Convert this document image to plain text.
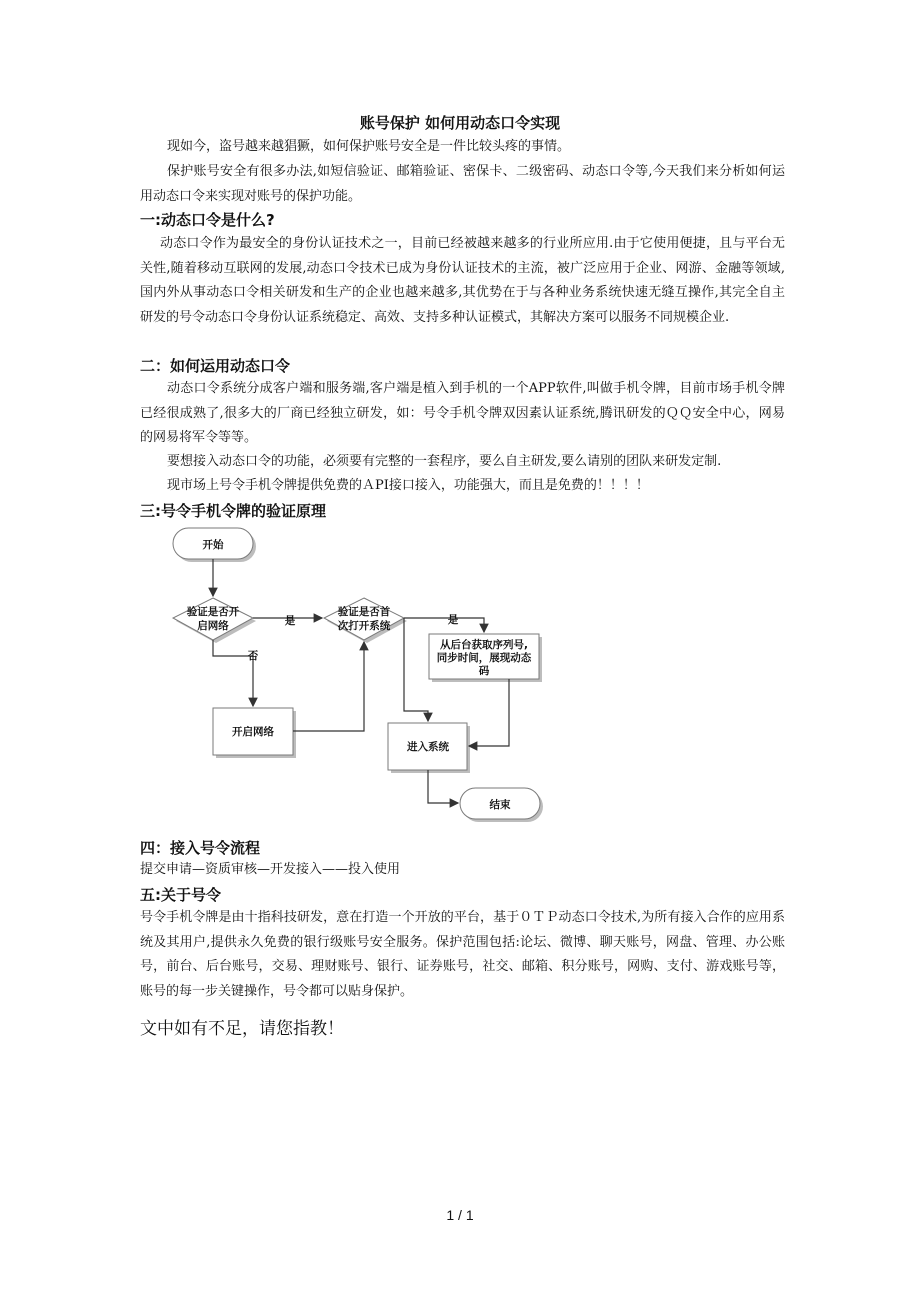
账号保护 如何用动态口令实现

现如今，盗号越来越猖獗，如何保护账号安全是一件比较头疼的事情。

保护账号安全有很多办法,如短信验证、邮箱验证、密保卡、二级密码、动态口令等,今天我们来分析如何运用动态口令来实现对账号的保护功能。

一:动态口令是什么?

动态口令作为最安全的身份认证技术之一，目前已经被越来越多的行业所应用.由于它使用便捷，且与平台无关性,随着移动互联网的发展,动态口令技术已成为身份认证技术的主流，被广泛应用于企业、网游、金融等领域,国内外从事动态口令相关研发和生产的企业也越来越多,其优势在于与各种业务系统快速无缝互操作,其完全自主研发的号令动态口令身份认证系统稳定、高效、支持多种认证模式，其解决方案可以服务不同规模企业.

二：如何运用动态口令

动态口令系统分成客户端和服务端,客户端是植入到手机的一个APP软件,叫做手机令牌，目前市场手机令牌已经很成熟了,很多大的厂商已经独立研发，如：号令手机令牌双因素认证系统,腾讯研发的ＱＱ安全中心，网易的网易将军令等等。

要想接入动态口令的功能，必须要有完整的一套程序，要么自主研发,要么请别的团队来研发定制.

现市场上号令手机令牌提供免费的ＡPI接口接入，功能强大，而且是免费的！！！！

三:号令手机令牌的验证原理
开始
验证是否开
启网络
验证是否首
次打开系统
开启网络
从后台获取序列号,
同步时间，展现动态
码
进入系统
结束
是	是
否
四：接入号令流程

提交申请—资质审核—开发接入——投入使用

五:关于号令

号令手机令牌是由十指科技研发，意在打造一个开放的平台，基于０ＴＰ动态口令技术,为所有接入合作的应用系统及其用户,提供永久免费的银行级账号安全服务。保护范围包括:论坛、微博、聊天账号，网盘、管理、办公账号，前台、后台账号，交易、理财账号、银行、证券账号，社交、邮箱、积分账号，网购、支付、游戏账号等，账号的每一步关键操作，号令都可以贴身保护。

文中如有不足，请您指教！
1 / 1
